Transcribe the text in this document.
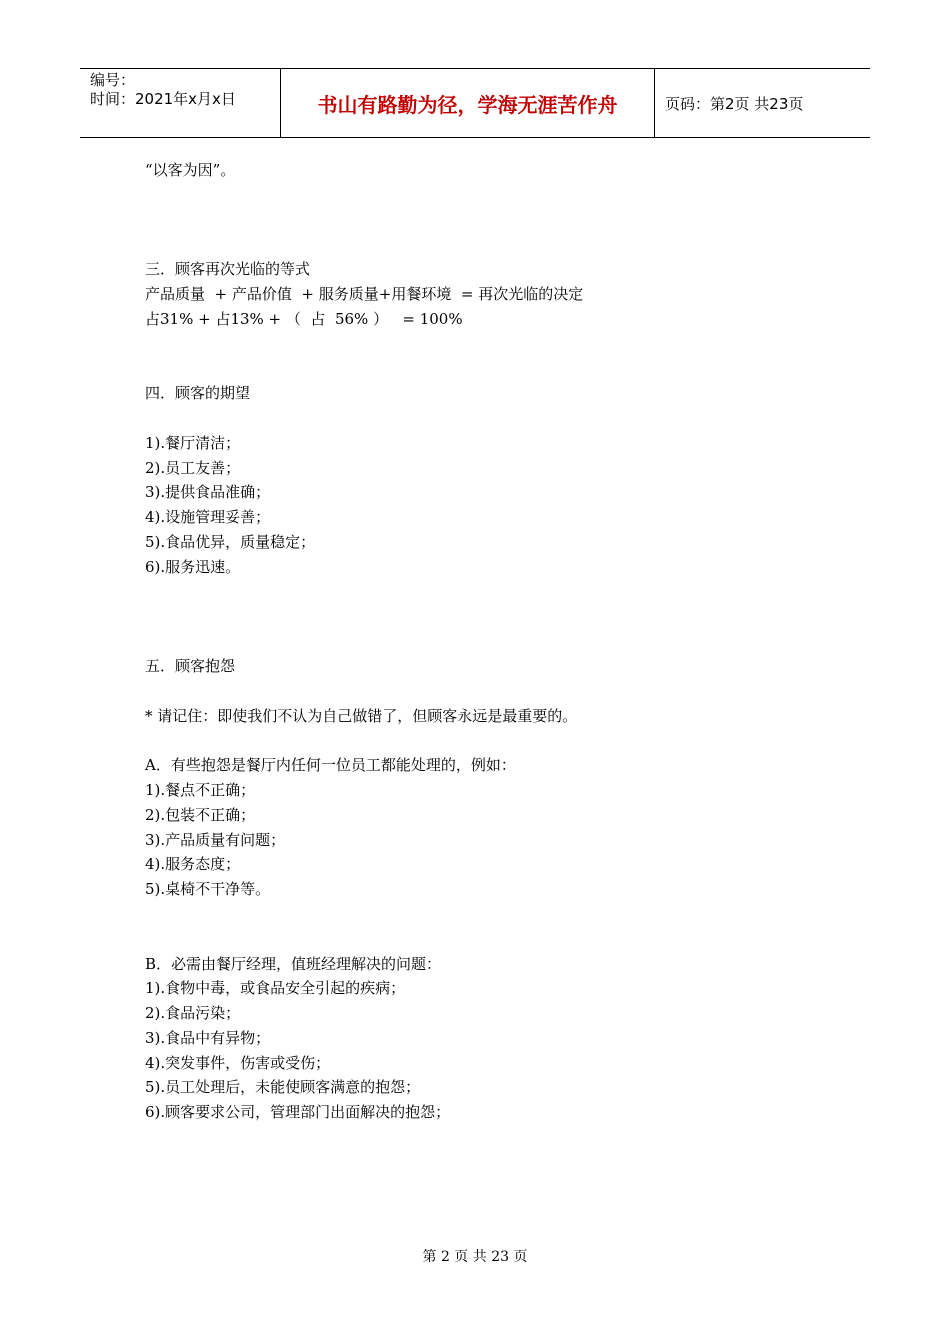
编号：
时间：2021年x月x日	书山有路勤为径，学海无涯苦作舟	页码：第2页 共23页
“以客为因”。
三．顾客再次光临的等式
产品质量  + 产品价值  + 服务质量+用餐环境  = 再次光临的决定
占31% + 占13% + （  占  56% ）   = 100%
四．顾客的期望
1).餐厅清洁；
2).员工友善；
3).提供食品准确；
4).设施管理妥善；
5).食品优异，质量稳定；
6).服务迅速。
五．顾客抱怨
* 请记住：即使我们不认为自己做错了，但顾客永远是最重要的。
A．有些抱怨是餐厅内任何一位员工都能处理的，例如：
1).餐点不正确；
2).包装不正确；
3).产品质量有问题；
4).服务态度；
5).桌椅不干净等。
B．必需由餐厅经理，值班经理解决的问题：
1).食物中毒，或食品安全引起的疾病；
2).食品污染；
3).食品中有异物；
4).突发事件，伤害或受伤；
5).员工处理后，未能使顾客满意的抱怨；
6).顾客要求公司，管理部门出面解决的抱怨；
第 2 页 共 23 页
